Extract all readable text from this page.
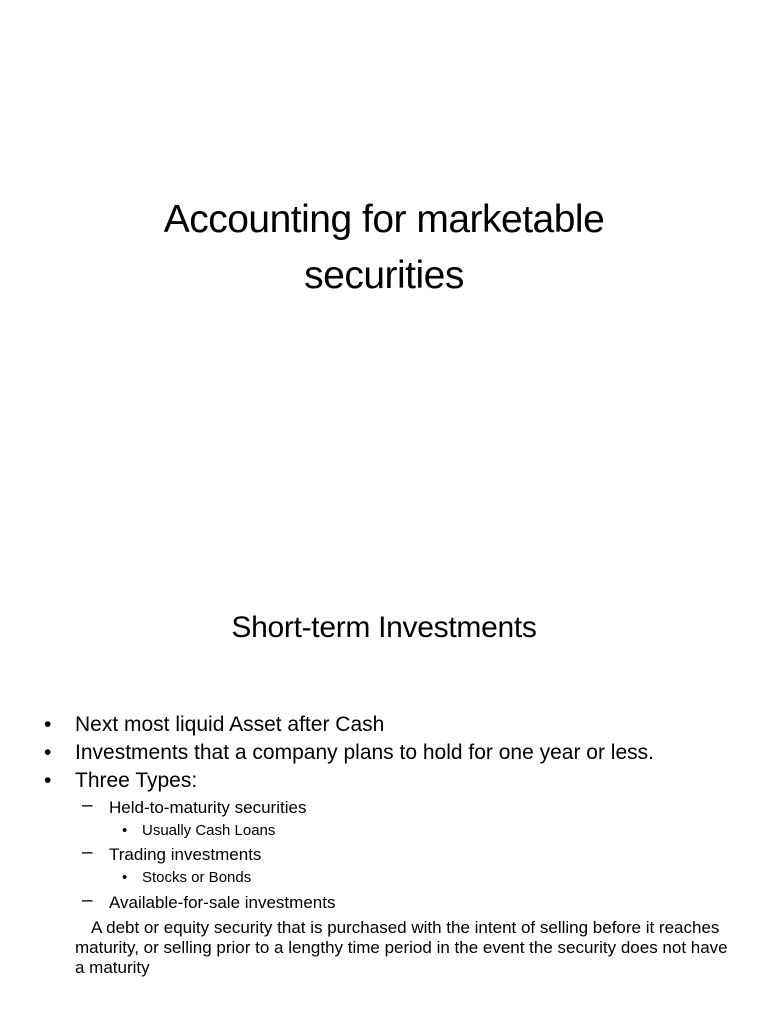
Accounting for marketable
securities
Short-term Investments
• Next most liquid Asset after Cash
• Investments that a company plans to hold for one year or less.
• Three Types:
– Held-to-maturity securities
• Usually Cash Loans
– Trading investments
• Stocks or Bonds
– Available-for-sale investments
A debt or equity security that is purchased with the intent of selling before it reaches maturity, or selling prior to a lengthy time period in the event the security does not have a maturity
